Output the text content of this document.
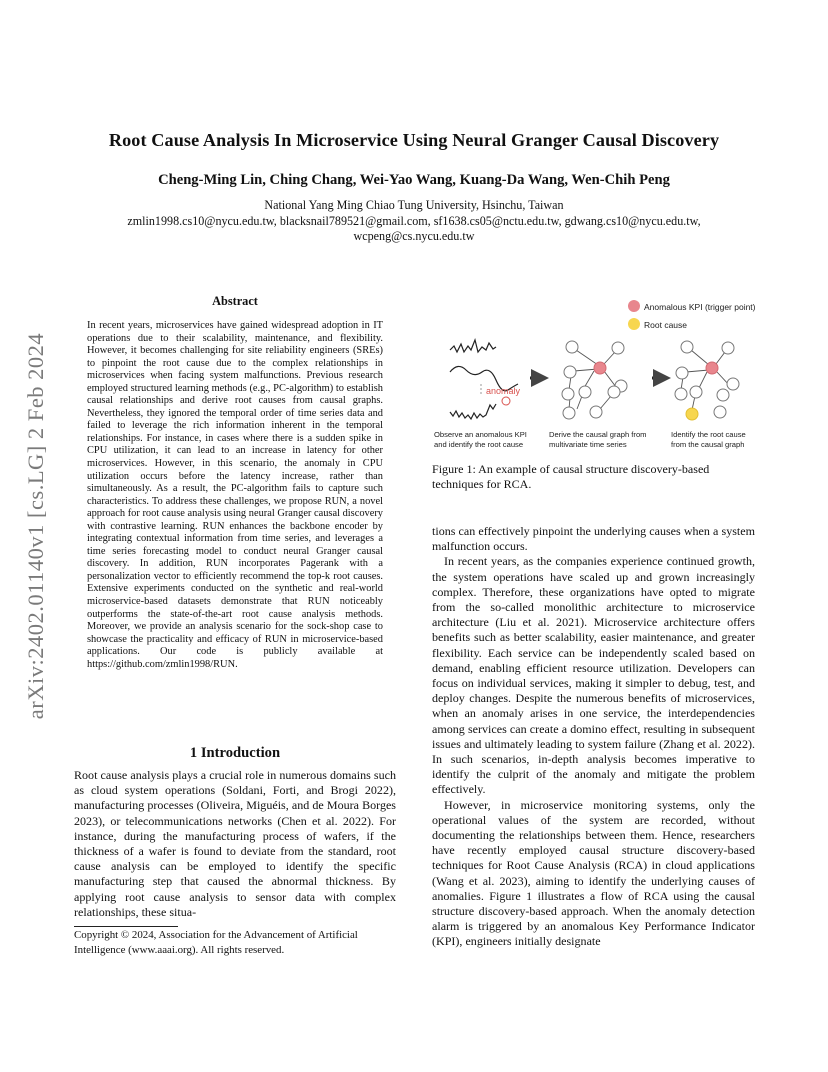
arXiv:2402.01140v1 [cs.LG] 2 Feb 2024
Root Cause Analysis In Microservice Using Neural Granger Causal Discovery
Cheng-Ming Lin, Ching Chang, Wei-Yao Wang, Kuang-Da Wang, Wen-Chih Peng
National Yang Ming Chiao Tung University, Hsinchu, Taiwan
zmlin1998.cs10@nycu.edu.tw, blacksnail789521@gmail.com, sf1638.cs05@nctu.edu.tw, gdwang.cs10@nycu.edu.tw,
wcpeng@cs.nycu.edu.tw
Abstract
In recent years, microservices have gained widespread adoption in IT operations due to their scalability, maintenance, and flexibility. However, it becomes challenging for site reliability engineers (SREs) to pinpoint the root cause due to the complex relationships in microservices when facing system malfunctions. Previous research employed structured learning methods (e.g., PC-algorithm) to establish causal relationships and derive root causes from causal graphs. Nevertheless, they ignored the temporal order of time series data and failed to leverage the rich information inherent in the temporal relationships. For instance, in cases where there is a sudden spike in CPU utilization, it can lead to an increase in latency for other microservices. However, in this scenario, the anomaly in CPU utilization occurs before the latency increase, rather than simultaneously. As a result, the PC-algorithm fails to capture such characteristics. To address these challenges, we propose RUN, a novel approach for root cause analysis using neural Granger causal discovery with contrastive learning. RUN enhances the backbone encoder by integrating contextual information from time series, and leverages a time series forecasting model to conduct neural Granger causal discovery. In addition, RUN incorporates Pagerank with a personalization vector to efficiently recommend the top-k root causes. Extensive experiments conducted on the synthetic and real-world microservice-based datasets demonstrate that RUN noticeably outperforms the state-of-the-art root cause analysis methods. Moreover, we provide an analysis scenario for the sock-shop case to showcase the practicality and efficacy of RUN in microservice-based applications. Our code is publicly available at https://github.com/zmlin1998/RUN.
1 Introduction

Root cause analysis plays a crucial role in numerous domains such as cloud system operations (Soldani, Forti, and Brogi 2022), manufacturing processes (Oliveira, Miguéis, and de Moura Borges 2023), or telecommunications networks (Chen et al. 2022). For instance, during the manufacturing process of wafers, if the thickness of a wafer is found to deviate from the standard, root cause analysis can be employed to identify the specific manufacturing step that caused the abnormal thickness. By applying root cause analysis to sensor data with complex relationships, these situa-

Copyright © 2024, Association for the Advancement of Artificial
Intelligence (www.aaai.org). All rights reserved.
Anomalous KPI (trigger point)
Root cause
anomaly
Observe an anomalous KPI
and identify the root cause
Derive the causal graph from
multivariate time series
Identify the root cause
from the causal graph
Figure 1: An example of causal structure discovery-based techniques for RCA.

tions can effectively pinpoint the underlying causes when a system malfunction occurs.

In recent years, as the companies experience continued growth, the system operations have scaled up and grown increasingly complex. Therefore, these organizations have opted to migrate from the so-called monolithic architecture to microservice architecture (Liu et al. 2021). Microservice architecture offers benefits such as better scalability, easier maintenance, and greater flexibility. Each service can be independently scaled based on demand, enabling efficient resource utilization. Developers can focus on individual services, making it simpler to debug, test, and deploy changes. Despite the numerous benefits of microservices, when an anomaly arises in one service, the interdependencies among services can create a domino effect, resulting in subsequent issues and ultimately leading to system failure (Zhang et al. 2022). In such scenarios, in-depth analysis becomes imperative to identify the culprit of the anomaly and mitigate the problem effectively.

However, in microservice monitoring systems, only the operational values of the system are recorded, without documenting the relationships between them. Hence, researchers have recently employed causal structure discovery-based techniques for Root Cause Analysis (RCA) in cloud applications (Wang et al. 2023), aiming to identify the underlying causes of anomalies. Figure 1 illustrates a flow of RCA using the causal structure discovery-based approach. When the anomaly detection alarm is triggered by an anomalous Key Performance Indicator (KPI), engineers initially designate
